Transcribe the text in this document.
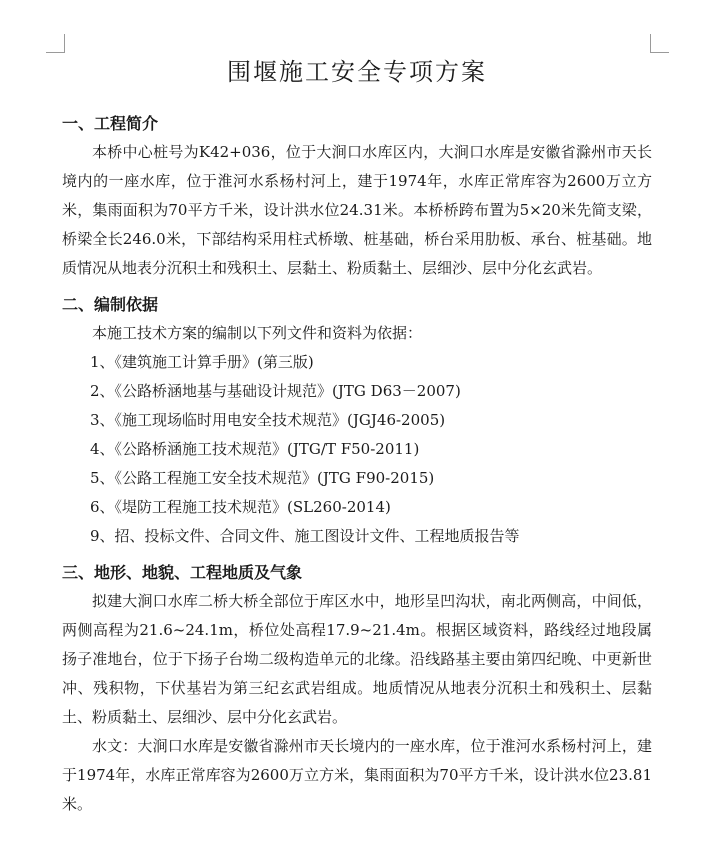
围堰施工安全专项方案
一、工程简介

本桥中心桩号为K42+036，位于大涧口水库区内，大涧口水库是安徽省滁州市天长境内的一座水库，位于淮河水系杨村河上，建于1974年，水库正常库容为2600万立方米，集雨面积为70平方千米，设计洪水位24.31米。本桥桥跨布置为5×20米先简支梁，桥梁全长246.0米，下部结构采用柱式桥墩、桩基础，桥台采用肋板、承台、桩基础。地质情况从地表分沉积土和残积土、层黏土、粉质黏土、层细沙、层中分化玄武岩。

二、编制依据

本施工技术方案的编制以下列文件和资料为依据：

1、《建筑施工计算手册》(第三版)
2、《公路桥涵地基与基础设计规范》(JTG D63－2007)
3、《施工现场临时用电安全技术规范》(JGJ46-2005)
4、《公路桥涵施工技术规范》(JTG/T F50-2011)
5、《公路工程施工安全技术规范》(JTG F90-2015)
6、《堤防工程施工技术规范》(SL260-2014)
9、招、投标文件、合同文件、施工图设计文件、工程地质报告等
三、地形、地貌、工程地质及气象

拟建大涧口水库二桥大桥全部位于库区水中，地形呈凹沟状，南北两侧高，中间低，两侧高程为21.6~24.1m，桥位处高程17.9~21.4m。根据区域资料，路线经过地段属扬子准地台，位于下扬子台坳二级构造单元的北缘。沿线路基主要由第四纪晚、中更新世冲、残积物，下伏基岩为第三纪玄武岩组成。地质情况从地表分沉积土和残积土、层黏土、粉质黏土、层细沙、层中分化玄武岩。

水文：大涧口水库是安徽省滁州市天长境内的一座水库，位于淮河水系杨村河上，建于1974年，水库正常库容为2600万立方米，集雨面积为70平方千米，设计洪水位23.81米。
